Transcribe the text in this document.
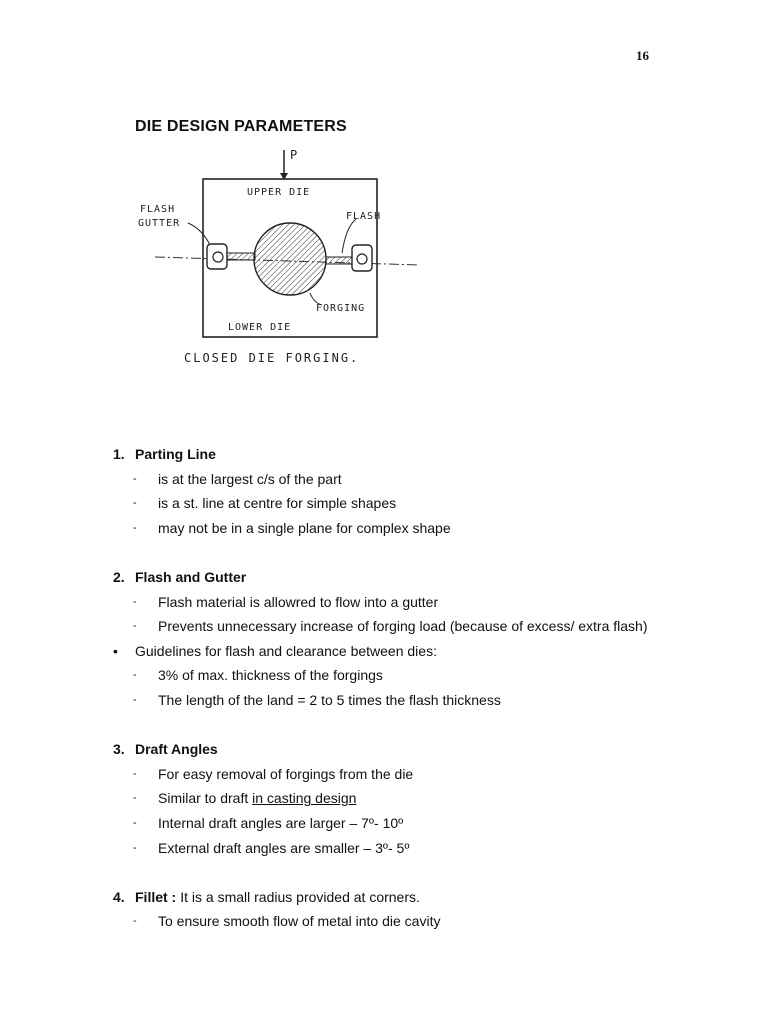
16
DIE DESIGN PARAMETERS
P
UPPER DIE
FLASH
GUTTER
FLASH
FORGING
LOWER DIE
CLOSED DIE FORGING.
1. Parting Line
-	is at the largest c/s of the part
-	is a st. line at centre for simple shapes
-	may not be in a single plane for complex shape
2. Flash and Gutter
-	Flash material is allowred to flow into a gutter
-	Prevents unnecessary increase of forging load (because of excess/ extra flash)
•	Guidelines for flash and clearance between dies:
-	3% of max. thickness of the forgings
-	The length of the land = 2 to 5 times the flash thickness
3. Draft Angles
-	For easy removal of forgings from the die
-	Similar to draft in casting design
-	Internal draft angles are larger – 7º- 10º
-	External draft angles are smaller – 3º- 5º
4. Fillet : It is a small radius provided at corners.
-	To ensure smooth flow of metal into die cavity
